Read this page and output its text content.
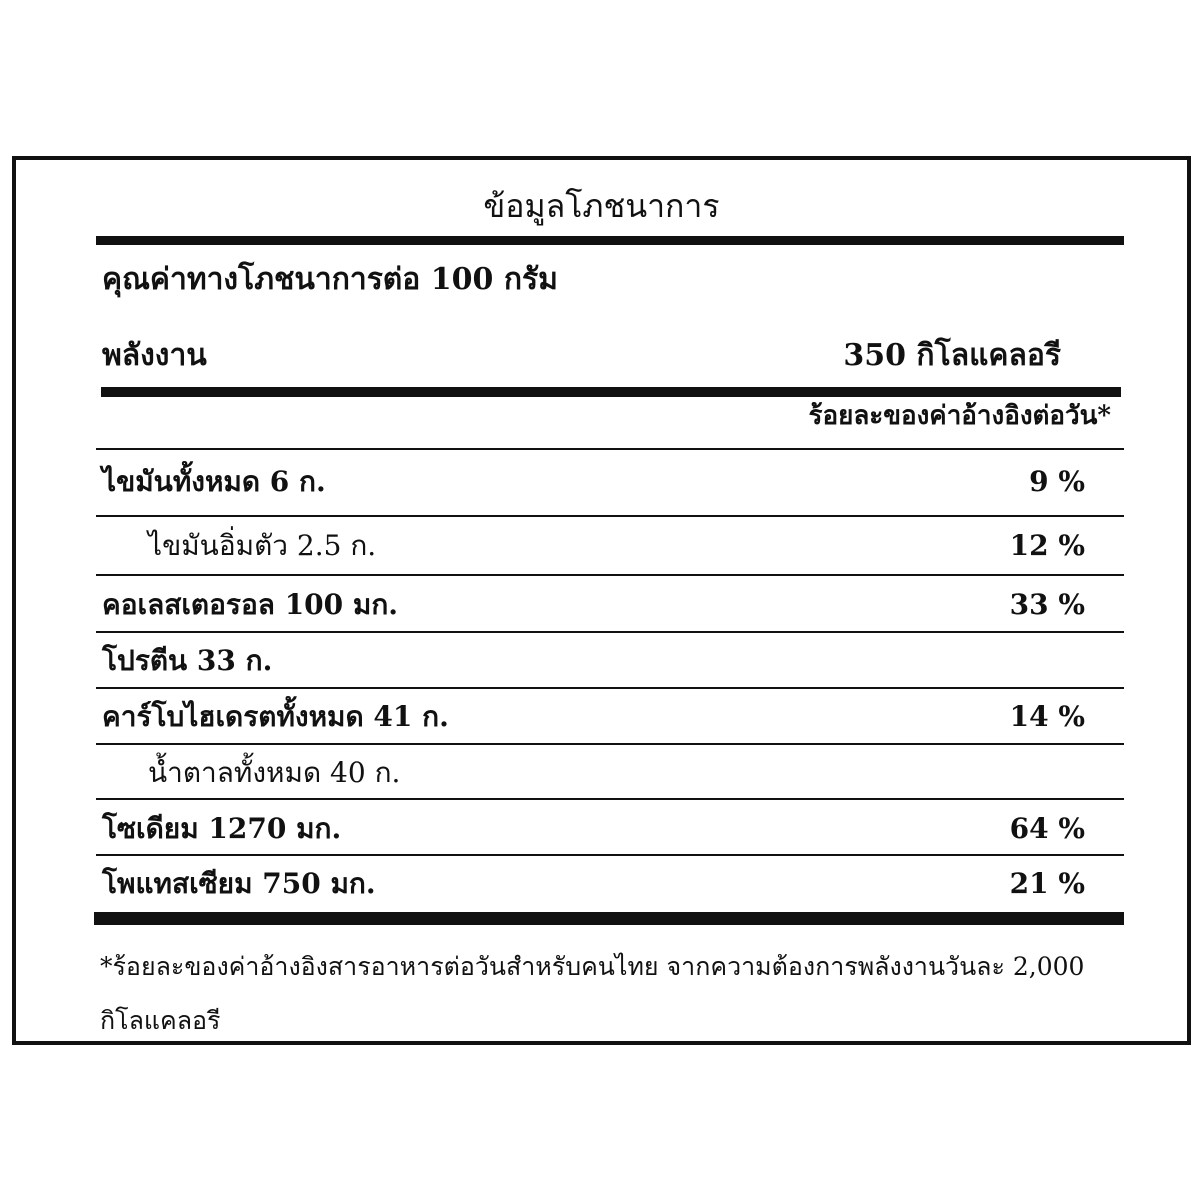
ข้อมูลโภชนาการ
คุณค่าทางโภชนาการต่อ 100 กรัม
พลังงาน	350 กิโลแคลอรี
ร้อยละของค่าอ้างอิงต่อวัน*
ไขมันทั้งหมด 6 ก.	9 %
ไขมันอิ่มตัว 2.5 ก.	12 %
คอเลสเตอรอล 100 มก.	33 %
โปรตีน 33 ก.
คาร์โบไฮเดรตทั้งหมด 41 ก.	14 %
น้ำตาลทั้งหมด 40 ก.
โซเดียม 1270 มก.	64 %
โพแทสเซียม 750 มก.	21 %
*ร้อยละของค่าอ้างอิงสารอาหารต่อวันสำหรับคนไทย จากความต้องการพลังงานวันละ 2,000 กิโลแคลอรี
